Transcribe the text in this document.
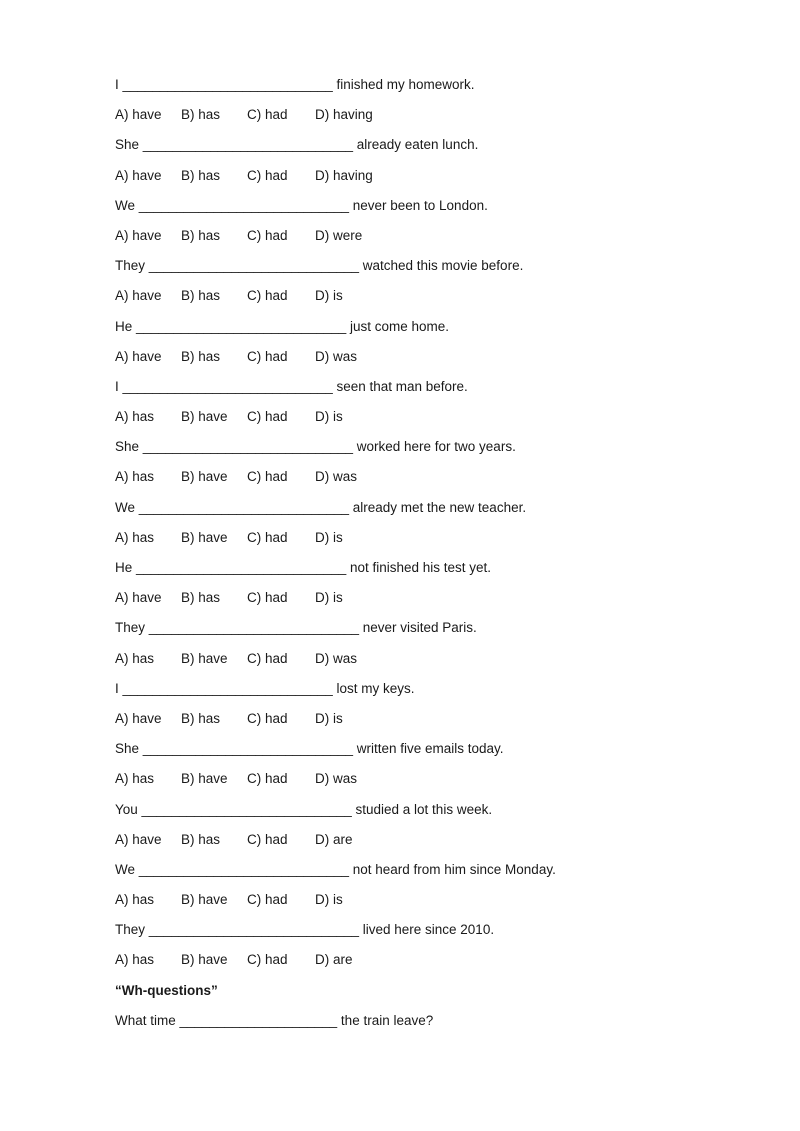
I ____________________________ finished my homework.
A) have	B) has	C) had	D) having
She ____________________________ already eaten lunch.
A) have	B) has	C) had	D) having
We ____________________________ never been to London.
A) have	B) has	C) had	D) were
They ____________________________ watched this movie before.
A) have	B) has	C) had	D) is
He ____________________________ just come home.
A) have	B) has	C) had	D) was
I ____________________________ seen that man before.
A) has	B) have	C) had	D) is
She ____________________________ worked here for two years.
A) has	B) have	C) had	D) was
We ____________________________ already met the new teacher.
A) has	B) have	C) had	D) is
He ____________________________ not finished his test yet.
A) have	B) has	C) had	D) is
They ____________________________ never visited Paris.
A) has	B) have	C) had	D) was
I ____________________________ lost my keys.
A) have	B) has	C) had	D) is
She ____________________________ written five emails today.
A) has	B) have	C) had	D) was
You ____________________________ studied a lot this week.
A) have	B) has	C) had	D) are
We ____________________________ not heard from him since Monday.
A) has	B) have	C) had	D) is
They ____________________________ lived here since 2010.
A) has	B) have	C) had	D) are
“Wh-questions”
What time _____________________ the train leave?
